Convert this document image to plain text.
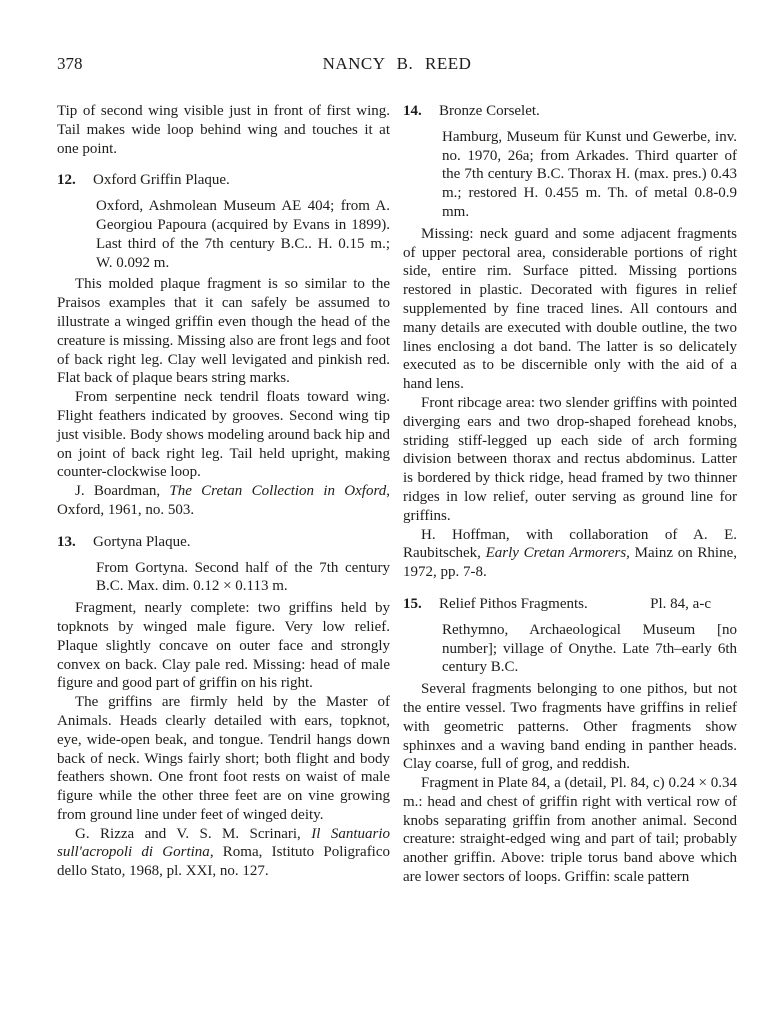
378	NANCY B. REED

Tip of second wing visible just in front of first wing. Tail makes wide loop behind wing and touches it at one point.

12.	Oxford Griffin Plaque.

Oxford, Ashmolean Museum AE 404; from A. Georgiou Papoura (acquired by Evans in 1899). Last third of the 7th century B.C.. H. 0.15 m.; W. 0.092 m.

This molded plaque fragment is so similar to the Praisos examples that it can safely be assumed to illustrate a winged griffin even though the head of the creature is missing. Missing also are front legs and foot of back right leg. Clay well levigated and pinkish red. Flat back of plaque bears string marks.

From serpentine neck tendril floats toward wing. Flight feathers indicated by grooves. Second wing tip just visible. Body shows modeling around back hip and on joint of back right leg. Tail held upright, making counter-clockwise loop.

J. Boardman, The Cretan Collection in Oxford, Oxford, 1961, no. 503.

13.	Gortyna Plaque.

From Gortyna. Second half of the 7th century B.C. Max. dim. 0.12 × 0.113 m.

Fragment, nearly complete: two griffins held by topknots by winged male figure. Very low relief. Plaque slightly concave on outer face and strongly convex on back. Clay pale red. Missing: head of male figure and good part of griffin on his right.

The griffins are firmly held by the Master of Animals. Heads clearly detailed with ears, topknot, eye, wide-open beak, and tongue. Tendril hangs down back of neck. Wings fairly short; both flight and body feathers shown. One front foot rests on waist of male figure while the other three feet are on vine growing from ground line under feet of winged deity.

G. Rizza and V. S. M. Scrinari, Il Santuario sull'acropoli di Gortina, Roma, Istituto Poligrafico dello Stato, 1968, pl. XXI, no. 127.

14.	Bronze Corselet.

Hamburg, Museum für Kunst und Gewerbe, inv. no. 1970, 26a; from Arkades. Third quarter of the 7th century B.C. Thorax H. (max. pres.) 0.43 m.; restored H. 0.455 m. Th. of metal 0.8-0.9 mm.

Missing: neck guard and some adjacent fragments of upper pectoral area, considerable portions of right side, entire rim. Surface pitted. Missing portions restored in plastic. Decorated with figures in relief supplemented by fine traced lines. All contours and many details are executed with double outline, the two lines enclosing a dot band. The latter is so delicately executed as to be discernible only with the aid of a hand lens.

Front ribcage area: two slender griffins with pointed diverging ears and two drop-shaped forehead knobs, striding stiff-legged up each side of arch forming division between thorax and rectus abdominus. Latter is bordered by thick ridge, head framed by two thinner ridges in low relief, outer serving as ground line for griffins.

H. Hoffman, with collaboration of A. E. Raubitschek, Early Cretan Armorers, Mainz on Rhine, 1972, pp. 7-8.

15.	Relief Pithos Fragments.	Pl. 84, a-c

Rethymno, Archaeological Museum [no number]; village of Onythe. Late 7th–early 6th century B.C.

Several fragments belonging to one pithos, but not the entire vessel. Two fragments have griffins in relief with geometric patterns. Other fragments show sphinxes and a waving band ending in panther heads. Clay coarse, full of grog, and reddish.

Fragment in Plate 84, a (detail, Pl. 84, c) 0.24 × 0.34 m.: head and chest of griffin right with vertical row of knobs separating griffin from another animal. Second creature: straight-edged wing and part of tail; probably another griffin. Above: triple torus band above which are lower sectors of loops. Griffin: scale pattern
